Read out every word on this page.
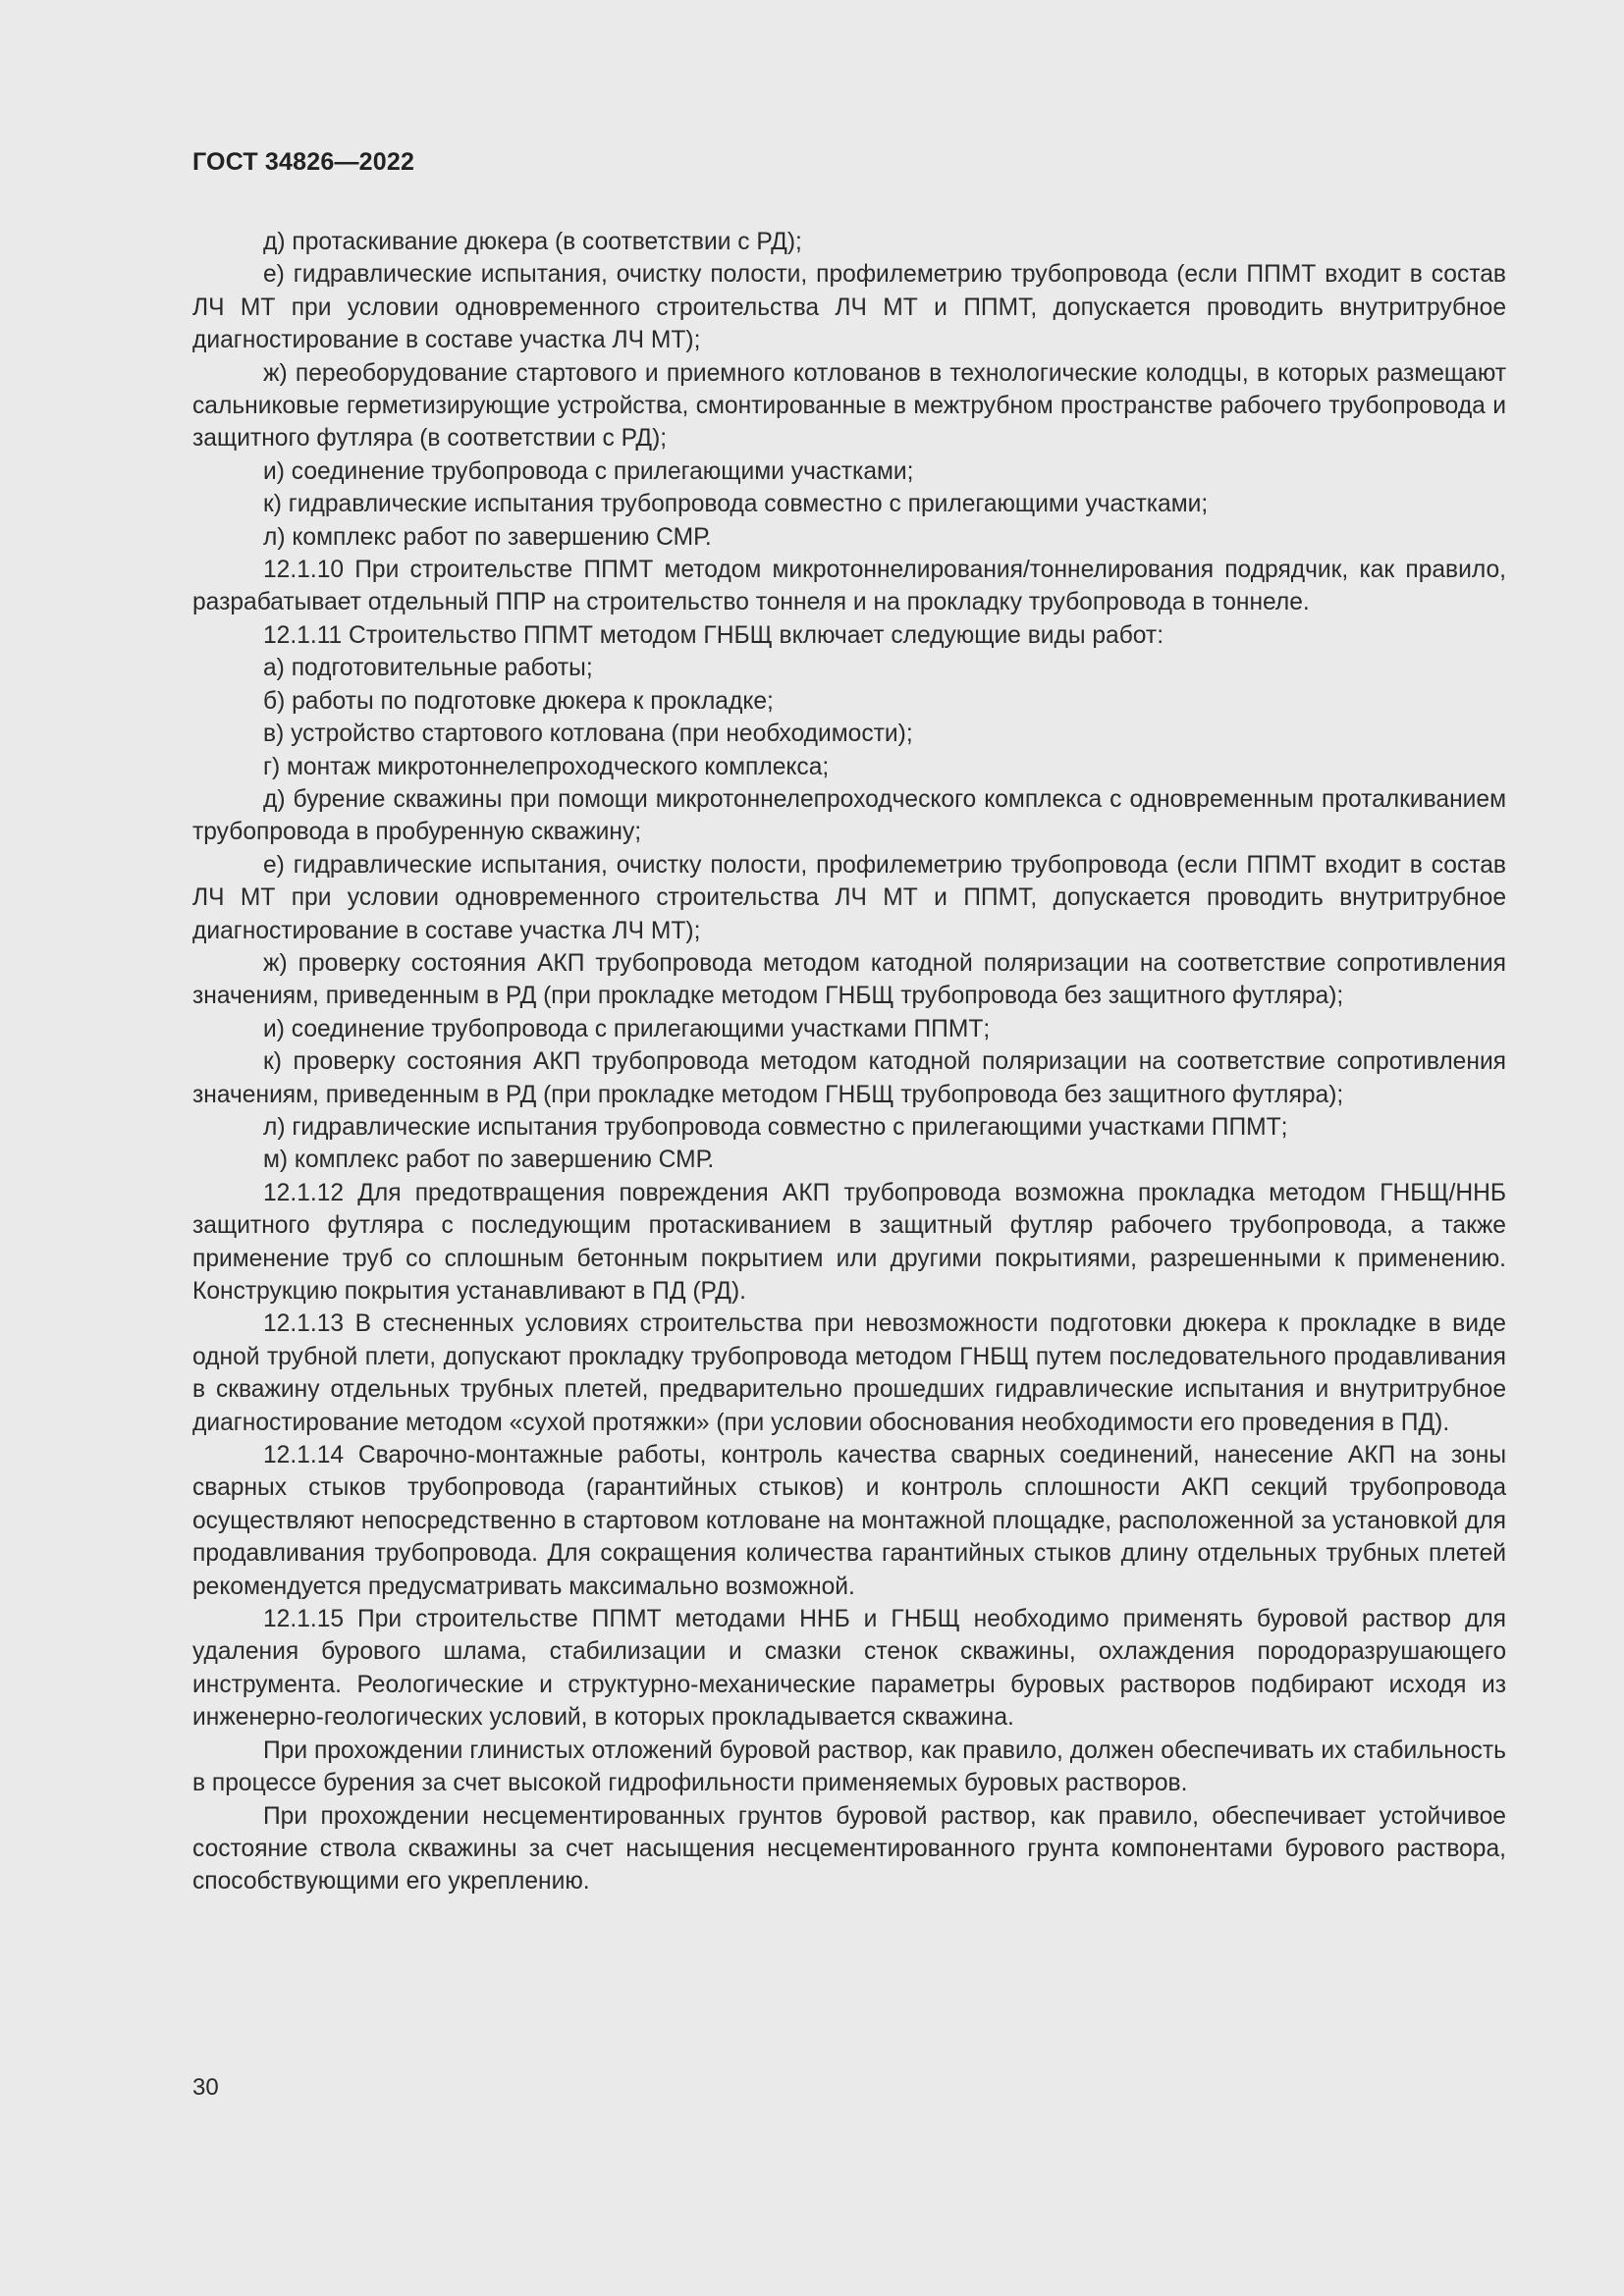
ГОСТ 34826—2022

д) протаскивание дюкера (в соответствии с РД);

е) гидравлические испытания, очистку полости, профилеметрию трубопровода (если ППМТ входит в состав ЛЧ МТ при условии одновременного строительства ЛЧ МТ и ППМТ, допускается проводить внутритрубное диагностирование в составе участка ЛЧ МТ);

ж) переоборудование стартового и приемного котлованов в технологические колодцы, в которых размещают сальниковые герметизирующие устройства, смонтированные в межтрубном пространстве рабочего трубопровода и защитного футляра (в соответствии с РД);

и) соединение трубопровода с прилегающими участками;

к) гидравлические испытания трубопровода совместно с прилегающими участками;

л) комплекс работ по завершению СМР.

12.1.10 При строительстве ППМТ методом микротоннелирования/тоннелирования подрядчик, как правило, разрабатывает отдельный ППР на строительство тоннеля и на прокладку трубопровода в тоннеле.

12.1.11 Строительство ППМТ методом ГНБЩ включает следующие виды работ:

а) подготовительные работы;

б) работы по подготовке дюкера к прокладке;

в) устройство стартового котлована (при необходимости);

г) монтаж микротоннелепроходческого комплекса;

д) бурение скважины при помощи микротоннелепроходческого комплекса с одновременным проталкиванием трубопровода в пробуренную скважину;

е) гидравлические испытания, очистку полости, профилеметрию трубопровода (если ППМТ входит в состав ЛЧ МТ при условии одновременного строительства ЛЧ МТ и ППМТ, допускается проводить внутритрубное диагностирование в составе участка ЛЧ МТ);

ж) проверку состояния АКП трубопровода методом катодной поляризации на соответствие сопротивления значениям, приведенным в РД (при прокладке методом ГНБЩ трубопровода без защитного футляра);

и) соединение трубопровода с прилегающими участками ППМТ;

к) проверку состояния АКП трубопровода методом катодной поляризации на соответствие сопротивления значениям, приведенным в РД (при прокладке методом ГНБЩ трубопровода без защитного футляра);

л) гидравлические испытания трубопровода совместно с прилегающими участками ППМТ;

м) комплекс работ по завершению СМР.

12.1.12 Для предотвращения повреждения АКП трубопровода возможна прокладка методом ГНБЩ/ННБ защитного футляра с последующим протаскиванием в защитный футляр рабочего трубопровода, а также применение труб со сплошным бетонным покрытием или другими покрытиями, разрешенными к применению. Конструкцию покрытия устанавливают в ПД (РД).

12.1.13 В стесненных условиях строительства при невозможности подготовки дюкера к прокладке в виде одной трубной плети, допускают прокладку трубопровода методом ГНБЩ путем последовательного продавливания в скважину отдельных трубных плетей, предварительно прошедших гидравлические испытания и внутритрубное диагностирование методом «сухой протяжки» (при условии обоснования необходимости его проведения в ПД).

12.1.14 Сварочно-монтажные работы, контроль качества сварных соединений, нанесение АКП на зоны сварных стыков трубопровода (гарантийных стыков) и контроль сплошности АКП секций трубопровода осуществляют непосредственно в стартовом котловане на монтажной площадке, расположенной за установкой для продавливания трубопровода. Для сокращения количества гарантийных стыков длину отдельных трубных плетей рекомендуется предусматривать максимально возможной.

12.1.15 При строительстве ППМТ методами ННБ и ГНБЩ необходимо применять буровой раствор для удаления бурового шлама, стабилизации и смазки стенок скважины, охлаждения породоразрушающего инструмента. Реологические и структурно-механические параметры буровых растворов подбирают исходя из инженерно-геологических условий, в которых прокладывается скважина.

При прохождении глинистых отложений буровой раствор, как правило, должен обеспечивать их стабильность в процессе бурения за счет высокой гидрофильности применяемых буровых растворов.

При прохождении несцементированных грунтов буровой раствор, как правило, обеспечивает устойчивое состояние ствола скважины за счет насыщения несцементированного грунта компонентами бурового раствора, способствующими его укреплению.

30
